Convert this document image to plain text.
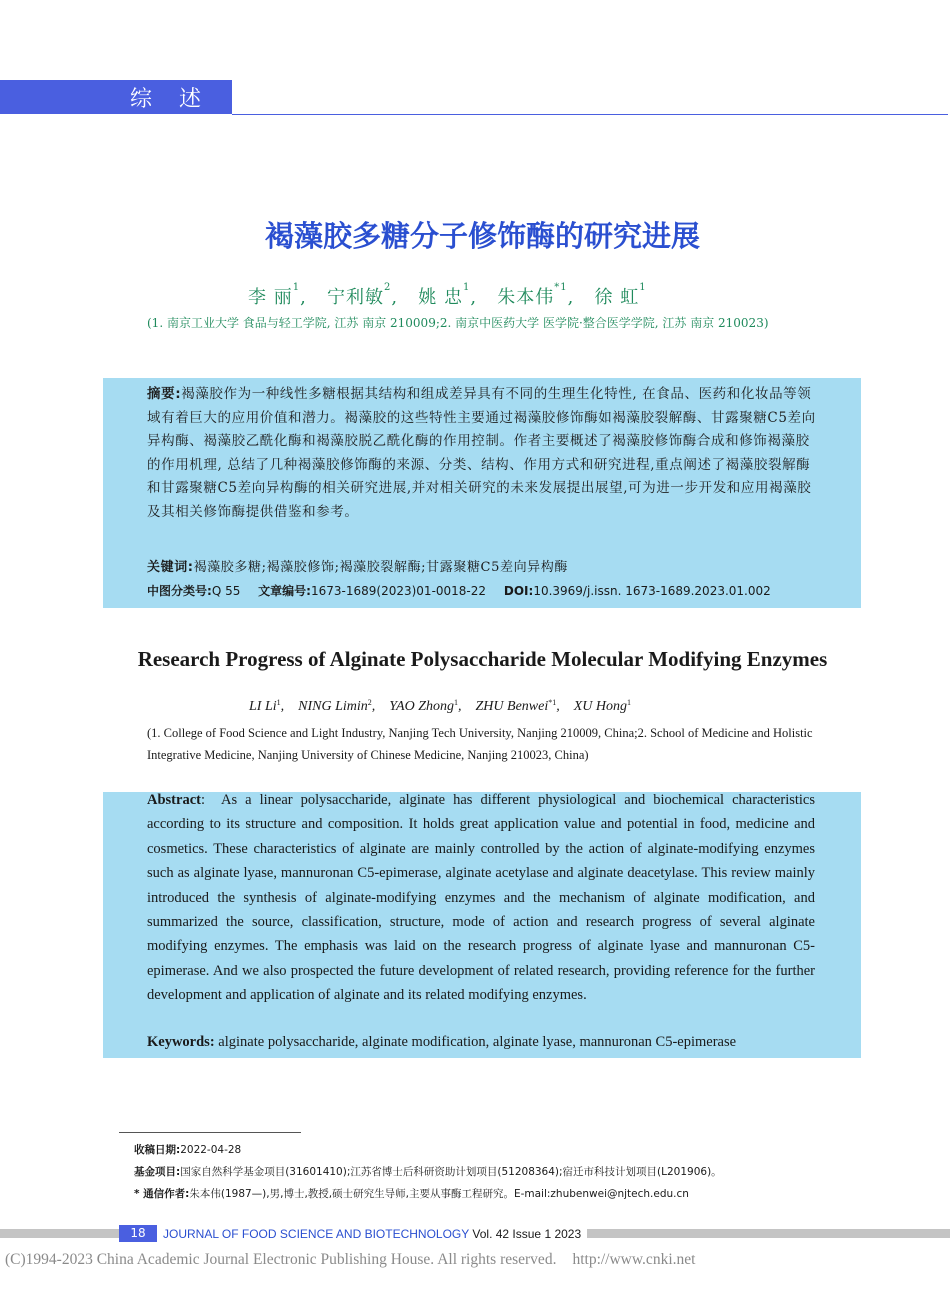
综 述
褐藻胶多糖分子修饰酶的研究进展
李 丽$^1$,   宁利敏$^2$,   姚 忠$^1$,   朱本伟$^{*1}$,   徐 虹$^1$
(1. 南京工业大学 食品与轻工学院, 江苏 南京 210009;2. 南京中医药大学 医学院·整合医学学院, 江苏 南京 210023)
摘要:褐藻胶作为一种线性多糖根据其结构和组成差异具有不同的生理生化特性, 在食品、医药和化妆品等领域有着巨大的应用价值和潜力。褐藻胶的这些特性主要通过褐藻胶修饰酶如褐藻胶裂解酶、甘露聚糖C5差向异构酶、褐藻胶乙酰化酶和褐藻胶脱乙酰化酶的作用控制。作者主要概述了褐藻胶修饰酶合成和修饰褐藻胶的作用机理, 总结了几种褐藻胶修饰酶的来源、分类、结构、作用方式和研究进程,重点阐述了褐藻胶裂解酶和甘露聚糖C5差向异构酶的相关研究进展,并对相关研究的未来发展提出展望,可为进一步开发和应用褐藻胶及其相关修饰酶提供借鉴和参考。
关键词:褐藻胶多糖;褐藻胶修饰;褐藻胶裂解酶;甘露聚糖C5差向异构酶
中图分类号:Q 55 文章编号:1673-1689(2023)01-0018-22 DOI:10.3969/j.issn. 1673-1689.2023.01.002
Research Progress of Alginate Polysaccharide Molecular Modifying Enzymes
LI Li$^1$,    NING Limin$^2$,    YAO Zhong$^1$,    ZHU Benwei$^{*1}$,    XU Hong$^1$
(1. College of Food Science and Light Industry, Nanjing Tech University, Nanjing 210009, China;2. School of Medicine and Holistic Integrative Medicine, Nanjing University of Chinese Medicine, Nanjing 210023, China)
Abstract:  As a linear polysaccharide, alginate has different physiological and biochemical characteristics according to its structure and composition. It holds great application value and potential in food, medicine and cosmetics. These characteristics of alginate are mainly controlled by the action of alginate-modifying enzymes such as alginate lyase, mannuronan C5-epimerase, alginate acetylase and alginate deacetylase. This review mainly introduced the synthesis of alginate-modifying enzymes and the mechanism of alginate modification, and summarized the source, classification, structure, mode of action and research progress of several alginate modifying enzymes. The emphasis was laid on the research progress of alginate lyase and mannuronan C5-epimerase. And we also prospected the future development of related research, providing reference for the further development and application of alginate and its related modifying enzymes.
Keywords: alginate polysaccharide, alginate modification, alginate lyase, mannuronan C5-epimerase
收稿日期:2022-04-28
基金项目:国家自然科学基金项目(31601410);江苏省博士后科研资助计划项目(51208364);宿迁市科技计划项目(L201906)。
* 通信作者:朱本伟(1987—),男,博士,教授,硕士研究生导师,主要从事酶工程研究。E-mail:zhubenwei@njtech.edu.cn
18	JOURNAL OF FOOD SCIENCE AND BIOTECHNOLOGY Vol. 42 Issue 1 2023
(C)1994-2023 China Academic Journal Electronic Publishing House. All rights reserved. http://www.cnki.net
